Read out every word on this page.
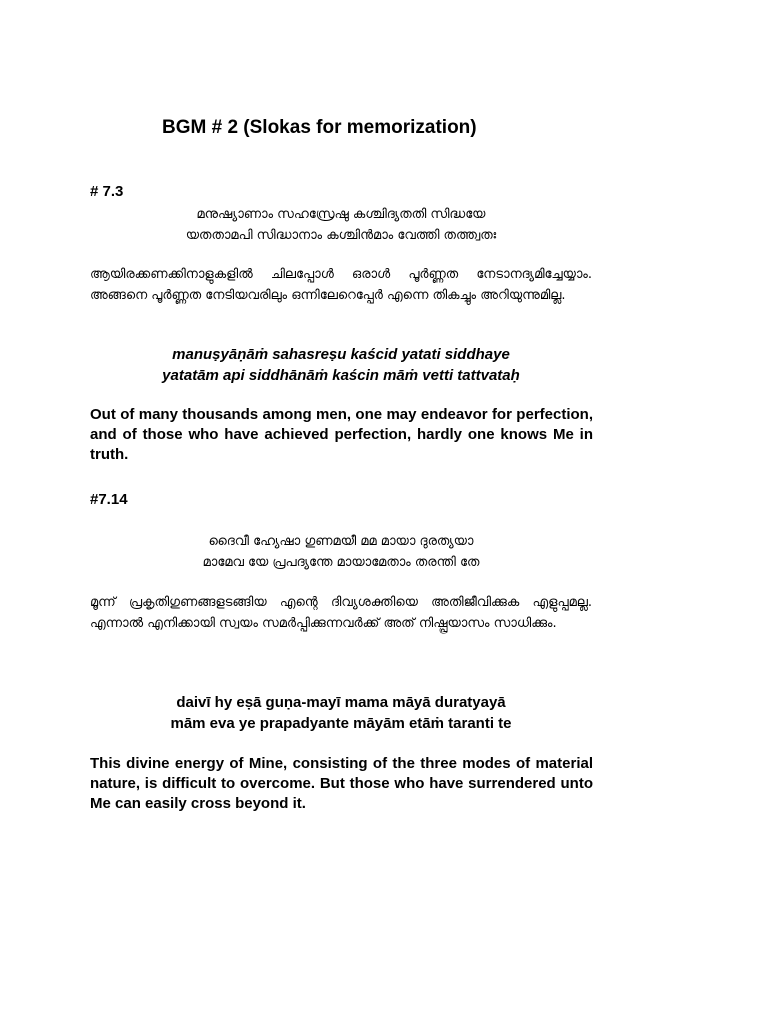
BGM # 2 (Slokas for memorization)
# 7.3
മനുഷ്യാണാം സഹസ്രേഷു കശ്ചിദ്യതതി സിദ്ധയേ
യതതാമപി സിദ്ധാനാം കശ്ചിൻമാം വേത്തി തത്ത്വതഃ
ആയിരക്കണക്കിനാളുകളിൽ ചിലപ്പോൾ ഒരാൾ പൂർണ്ണത നേടാനദ്യമിച്ചേയ്യാം. അങ്ങനെ പൂർണ്ണത നേടിയവരിലും ഒന്നിലേറെപ്പേർ എന്നെ തികച്ചും അറിയുന്നുമില്ല.
manuṣyāṇāṁ sahasreṣu kaścid yatati siddhaye
yatatām api siddhānāṁ kaścin māṁ vetti tattvataḥ
Out of many thousands among men, one may endeavor for perfection, and of those who have achieved perfection, hardly one knows Me in truth.
#7.14
ദൈവീ ഹ്യേഷാ ഗുണമയീ മമ മായാ ദുരത്യയാ
മാമേവ യേ പ്രപദ്യന്തേ മായാമേതാം തരന്തി തേ
മൂന്ന് പ്രകൃതിഗുണങ്ങളടങ്ങിയ എന്റെ ദിവ്യശക്തിയെ അതിജീവിക്കുക എളുപ്പമല്ല. എന്നാൽ എനിക്കായി സ്വയം സമർപ്പിക്കുന്നവർക്ക് അത് നിഷ്പ്രയാസം സാധിക്കും.
daivī hy eṣā guṇa-mayī mama māyā duratyayā
mām eva ye prapadyante māyām etāṁ taranti te
This divine energy of Mine, consisting of the three modes of material nature, is difficult to overcome. But those who have surrendered unto Me can easily cross beyond it.
